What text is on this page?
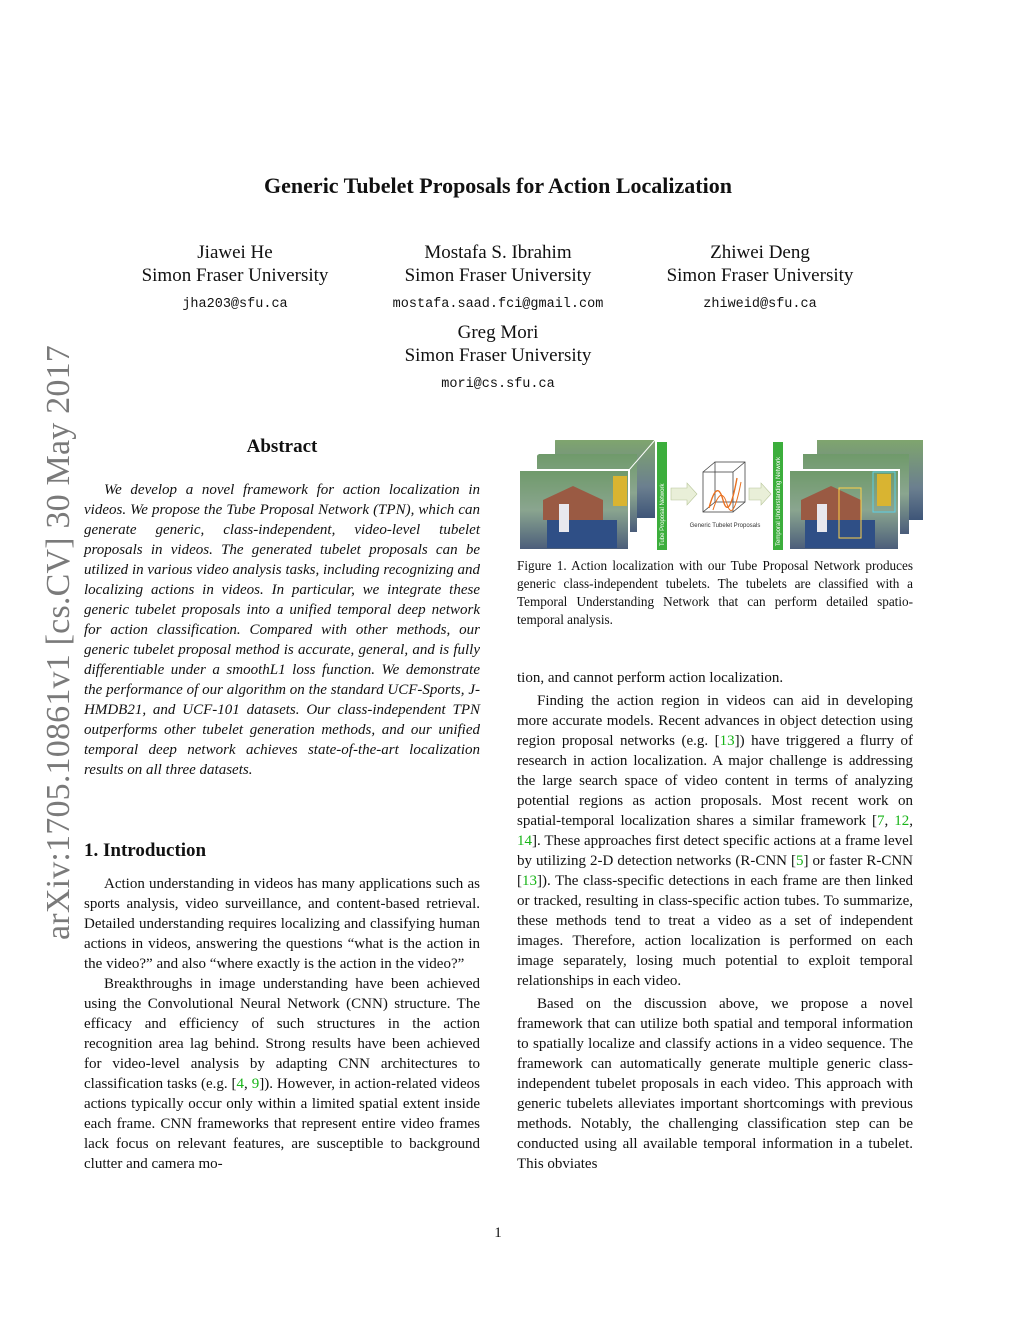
arXiv:1705.10861v1 [cs.CV] 30 May 2017
Generic Tubelet Proposals for Action Localization
Jiawei He
Simon Fraser University
jha203@sfu.ca
Mostafa S. Ibrahim
Simon Fraser University
mostafa.saad.fci@gmail.com
Zhiwei Deng
Simon Fraser University
zhiweid@sfu.ca
Greg Mori
Simon Fraser University
mori@cs.sfu.ca
Abstract

We develop a novel framework for action localization in videos. We propose the Tube Proposal Network (TPN), which can generate generic, class-independent, video-level tubelet proposals in videos. The generated tubelet proposals can be utilized in various video analysis tasks, including recognizing and localizing actions in videos. In particular, we integrate these generic tubelet proposals into a unified temporal deep network for action classification. Compared with other methods, our generic tubelet proposal method is accurate, general, and is fully differentiable under a smoothL1 loss function. We demonstrate the performance of our algorithm on the standard UCF-Sports, J-HMDB21, and UCF-101 datasets. Our class-independent TPN outperforms other tubelet generation methods, and our unified temporal deep network achieves state-of-the-art localization results on all three datasets.

1. Introduction

Action understanding in videos has many applications such as sports analysis, video surveillance, and content-based retrieval. Detailed understanding requires localizing and classifying human actions in videos, answering the questions “what is the action in the video?” and also “where exactly is the action in the video?”

Breakthroughs in image understanding have been achieved using the Convolutional Neural Network (CNN) structure. The efficacy and efficiency of such structures in the action recognition area lag behind. Strong results have been achieved for video-level analysis by adapting CNN architectures to classification tasks (e.g. [4, 9]). However, in action-related videos actions typically occur only within a limited spatial extent inside each frame. CNN frameworks that represent entire video frames lack focus on relevant features, are susceptible to background clutter and camera mo-

Tube Proposal Network	Generic Tubelet Proposals	Temporal Understanding Network
Figure 1. Action localization with our Tube Proposal Network produces generic class-independent tubelets. The tubelets are classified with a Temporal Understanding Network that can perform detailed spatio-temporal analysis.

tion, and cannot perform action localization.

Finding the action region in videos can aid in developing more accurate models. Recent advances in object detection using region proposal networks (e.g. [13]) have triggered a flurry of research in action localization. A major challenge is addressing the large search space of video content in terms of analyzing potential regions as action proposals. Most recent work on spatial-temporal localization shares a similar framework [7, 12, 14]. These approaches first detect specific actions at a frame level by utilizing 2-D detection networks (R-CNN [5] or faster R-CNN [13]). The class-specific detections in each frame are then linked or tracked, resulting in class-specific action tubes. To summarize, these methods tend to treat a video as a set of independent images. Therefore, action localization is performed on each image separately, losing much potential to exploit temporal relationships in each video.

Based on the discussion above, we propose a novel framework that can utilize both spatial and temporal information to spatially localize and classify actions in a video sequence. The framework can automatically generate multiple generic class-independent tubelet proposals in each video. This approach with generic tubelets alleviates important shortcomings with previous methods. Notably, the challenging classification step can be conducted using all available temporal information in a tubelet. This obviates

1
